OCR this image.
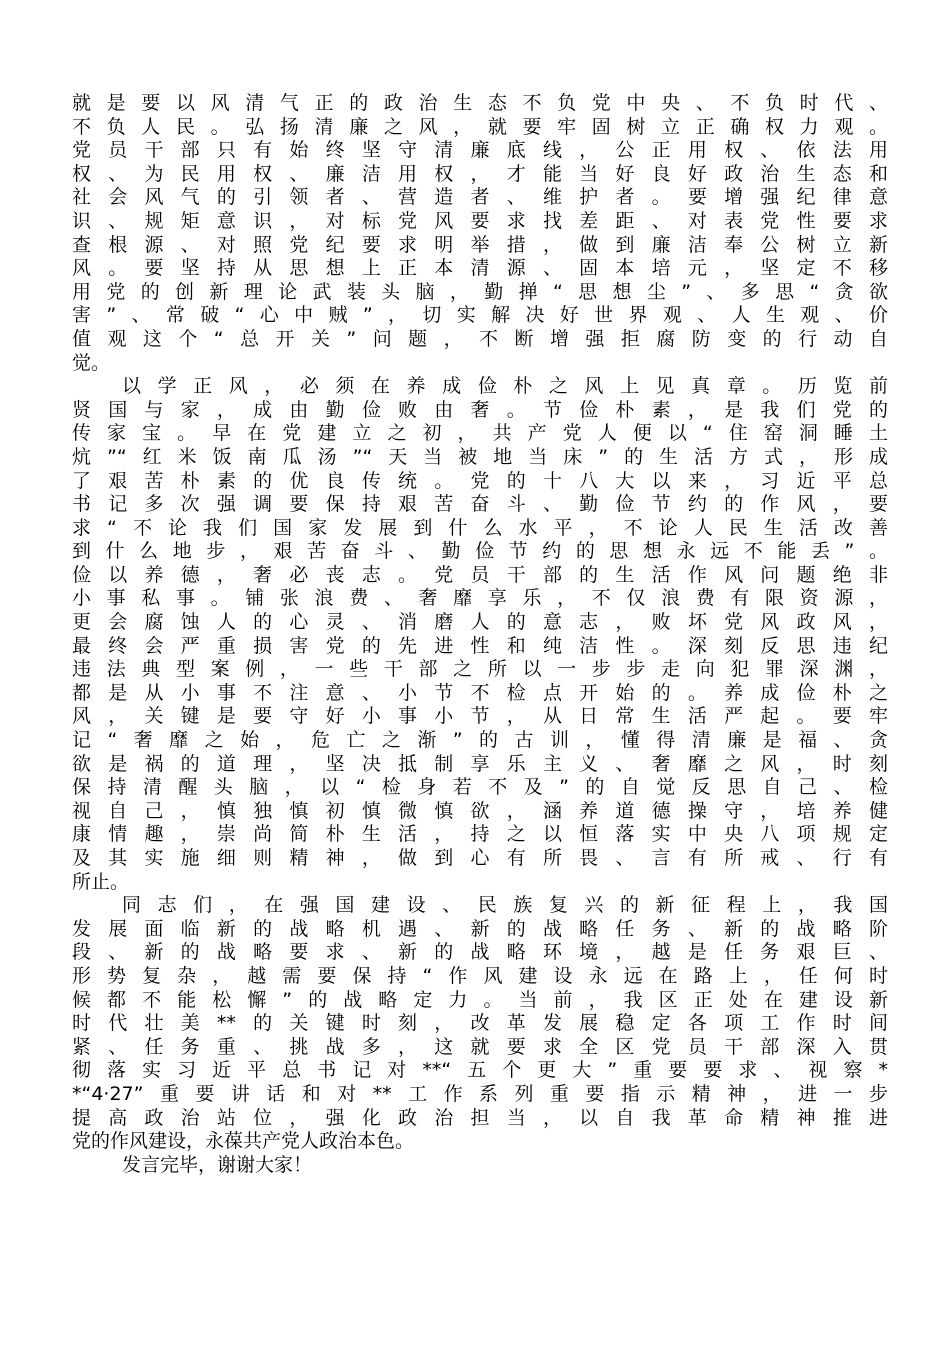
就是要以风清气正的政治生态不负党中央、不负时代、
不负人民。弘扬清廉之风，就要牢固树立正确权力观。
党员干部只有始终坚守清廉底线，公正用权、依法用
权、为民用权、廉洁用权，才能当好良好政治生态和
社会风气的引领者、营造者、维护者。要增强纪律意
识、规矩意识，对标党风要求找差距、对表党性要求
查根源、对照党纪要求明举措，做到廉洁奉公树立新
风。要坚持从思想上正本清源、固本培元，坚定不移
用党的创新理论武装头脑，勤掸“思想尘”、多思“贪欲
害”、常破“心中贼”，切实解决好世界观、人生观、价
值观这个“总开关”问题，不断增强拒腐防变的行动自
觉。
以学正风，必须在养成俭朴之风上见真章。历览前
贤国与家，成由勤俭败由奢。节俭朴素，是我们党的
传家宝。早在党建立之初，共产党人便以“住窑洞睡土
炕”“红米饭南瓜汤”“天当被地当床”的生活方式，形成
了艰苦朴素的优良传统。党的十八大以来，习近平总
书记多次强调要保持艰苦奋斗、勤俭节约的作风，要
求“不论我们国家发展到什么水平，不论人民生活改善
到什么地步，艰苦奋斗、勤俭节约的思想永远不能丢”。
俭以养德，奢必丧志。党员干部的生活作风问题绝非
小事私事。铺张浪费、奢靡享乐，不仅浪费有限资源，
更会腐蚀人的心灵、消磨人的意志，败坏党风政风，
最终会严重损害党的先进性和纯洁性。深刻反思违纪
违法典型案例，一些干部之所以一步步走向犯罪深渊，
都是从小事不注意、小节不检点开始的。养成俭朴之
风，关键是要守好小事小节，从日常生活严起。要牢
记“奢靡之始，危亡之渐”的古训，懂得清廉是福、贪
欲是祸的道理，坚决抵制享乐主义、奢靡之风，时刻
保持清醒头脑，以“检身若不及”的自觉反思自己、检
视自己，慎独慎初慎微慎欲，涵养道德操守，培养健
康情趣，崇尚简朴生活，持之以恒落实中央八项规定
及其实施细则精神，做到心有所畏、言有所戒、行有
所止。
同志们，在强国建设、民族复兴的新征程上，我国
发展面临新的战略机遇、新的战略任务、新的战略阶
段、新的战略要求、新的战略环境，越是任务艰巨、
形势复杂，越需要保持“作风建设永远在路上，任何时
候都不能松懈”的战略定力。当前，我区正处在建设新
时代壮美**的关键时刻，改革发展稳定各项工作时间
紧、任务重、挑战多，这就要求全区党员干部深入贯
彻落实习近平总书记对**“五个更大”重要要求、视察*
*“4·27”重要讲话和对**工作系列重要指示精神，进一步
提高政治站位，强化政治担当，以自我革命精神推进
党的作风建设，永葆共产党人政治本色。
发言完毕，谢谢大家！
